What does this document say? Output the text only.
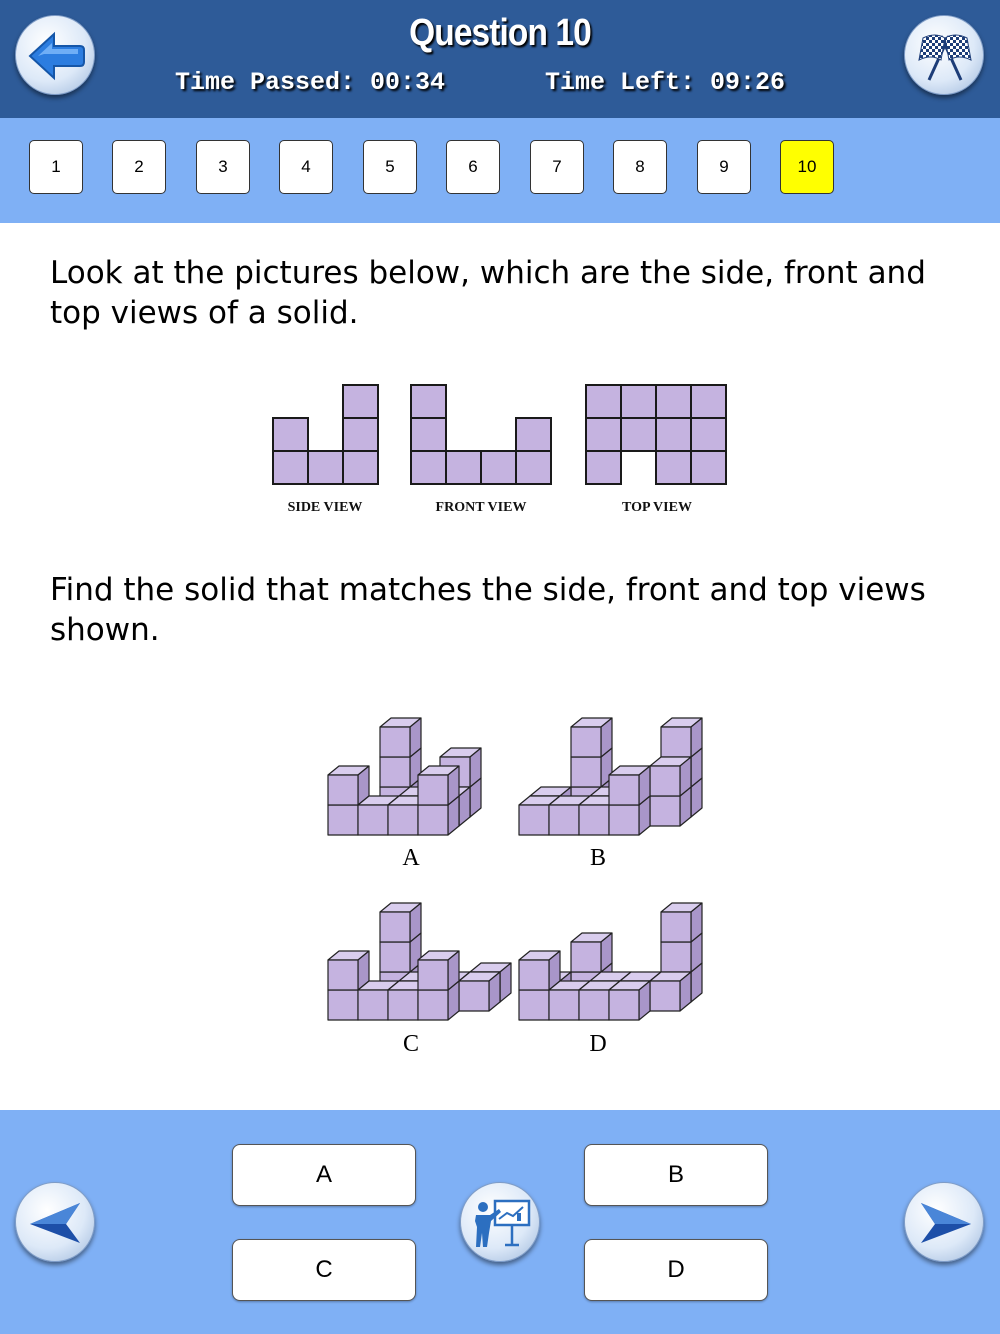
Question 10
Time Passed: 00:34	Time Left: 09:26
1	2	3	4	5	6	7	8	9	10
Look at the pictures below, which are the side, front and top views of a solid.
SIDE VIEW	FRONT VIEW	TOP VIEW
Find the solid that matches the side, front and top views shown.
A	B
C	D
A	B
C	D
